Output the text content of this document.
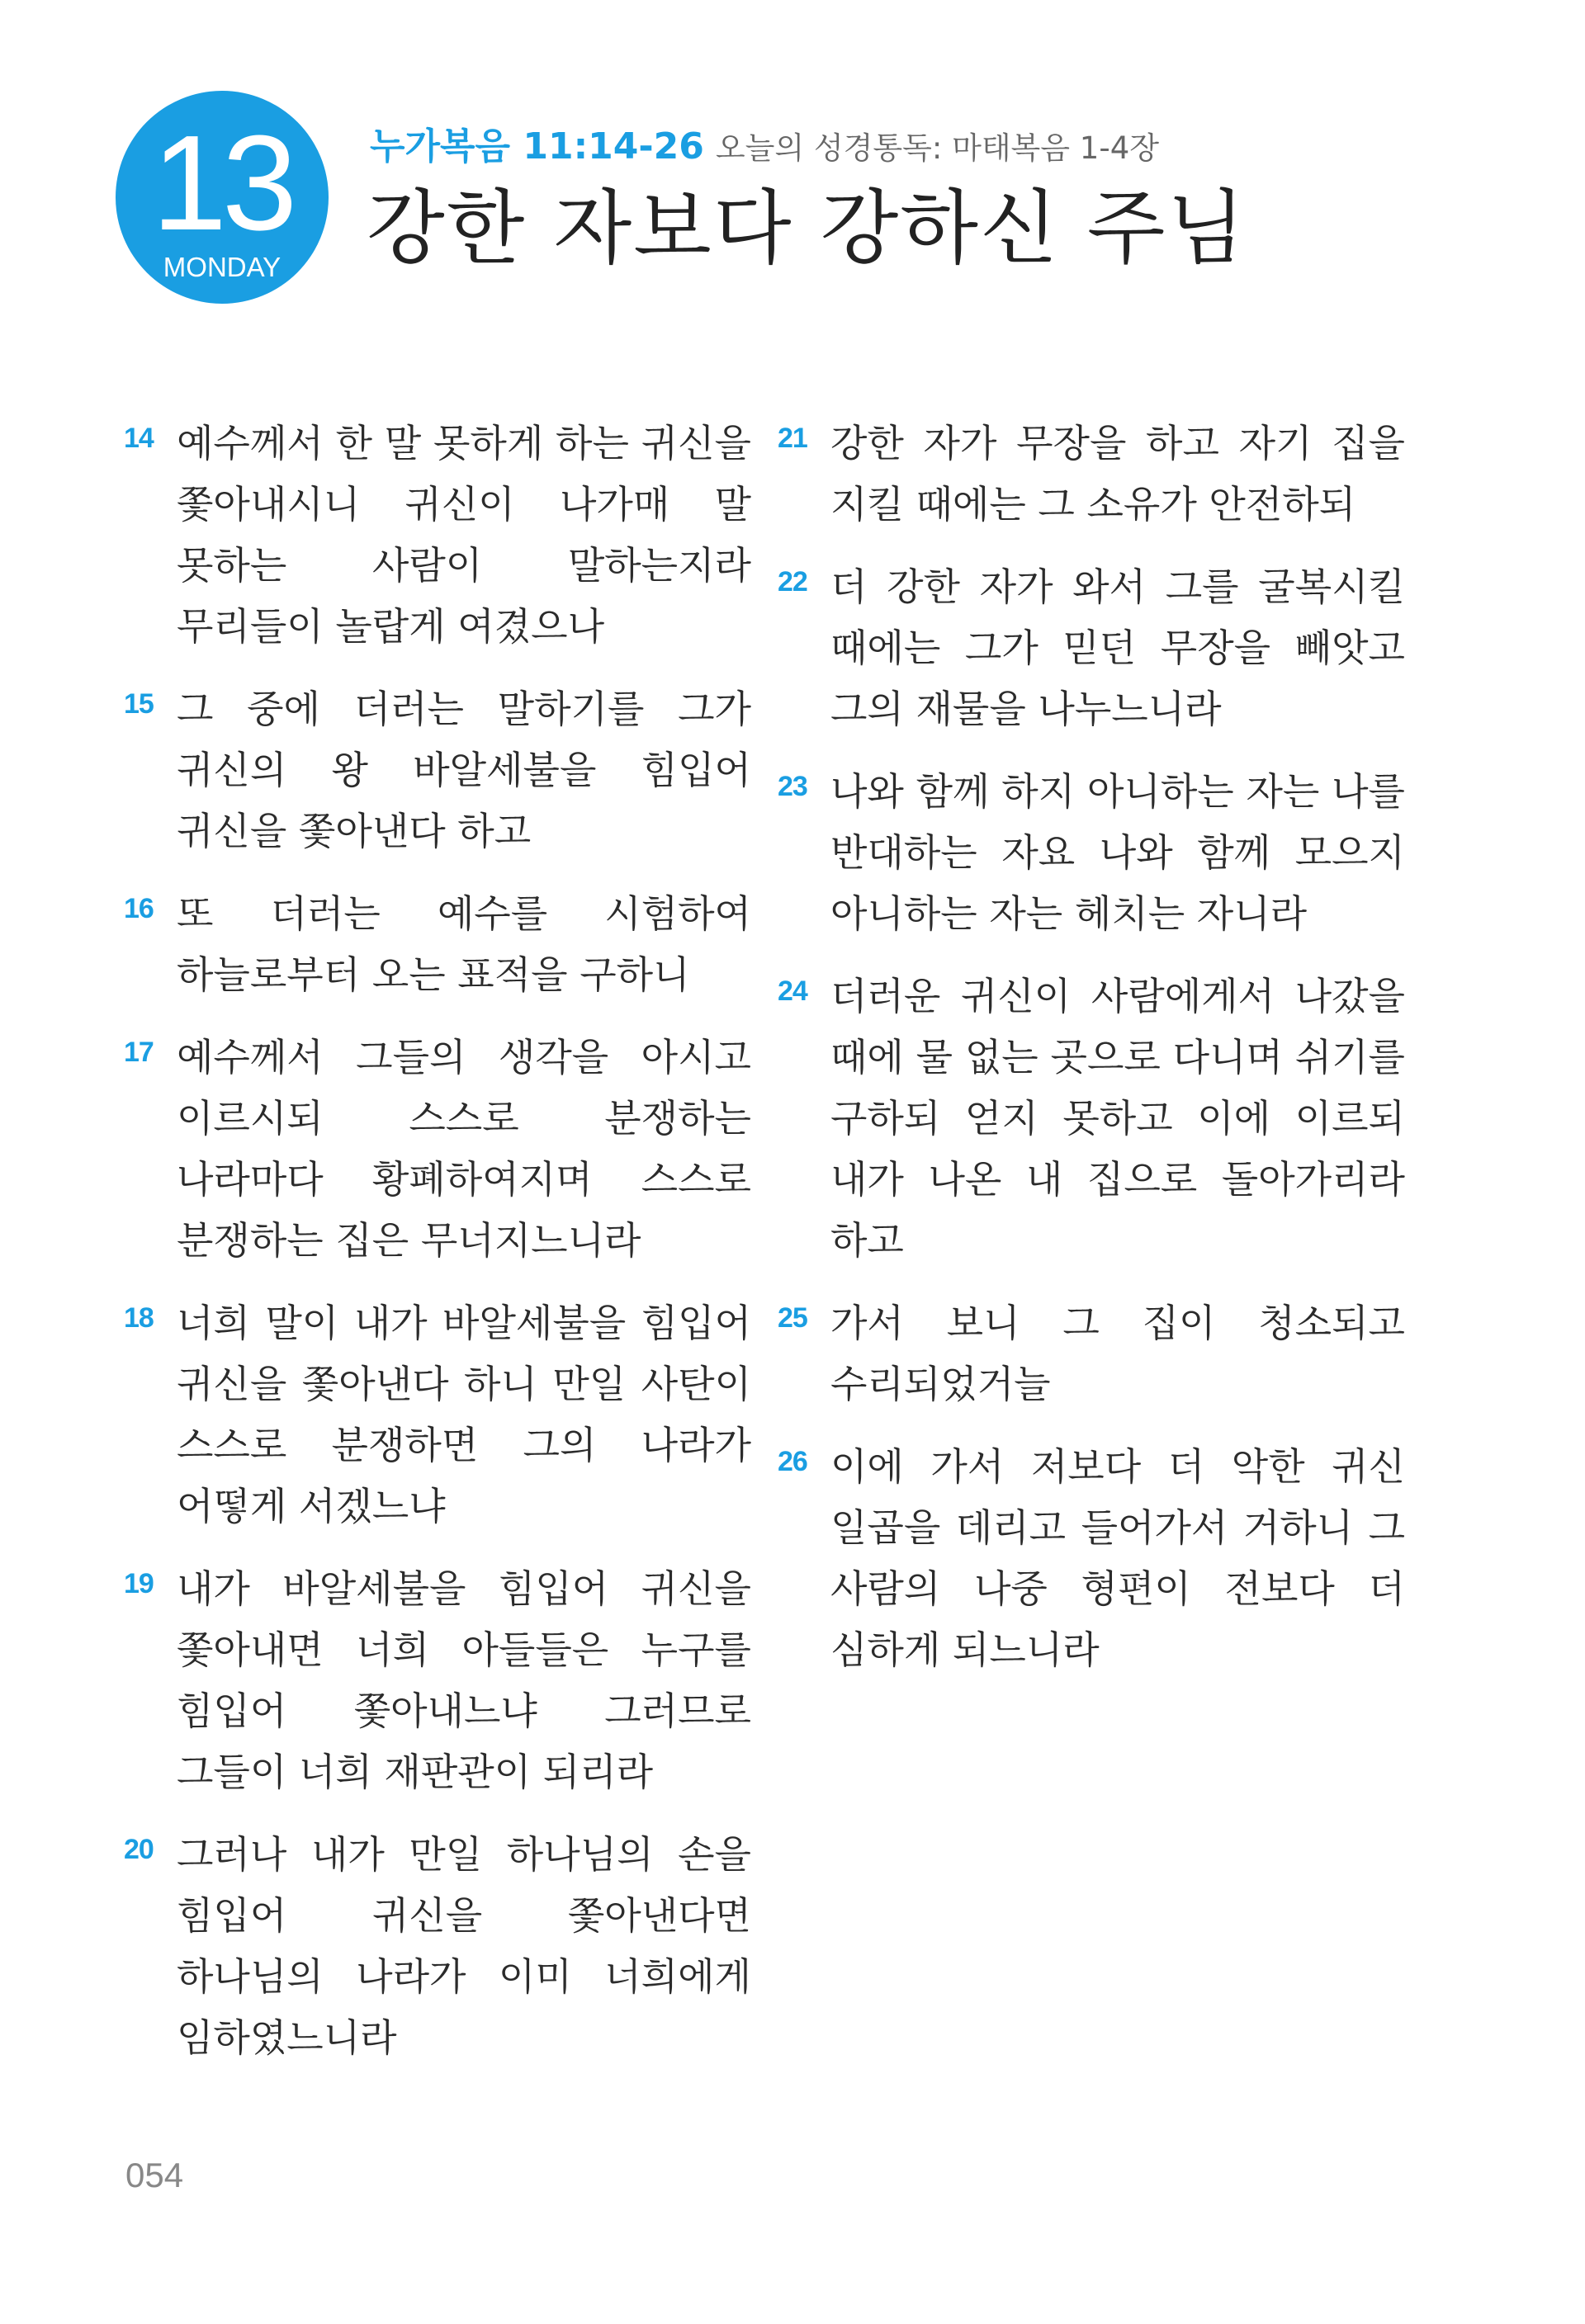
13
MONDAY
누가복음 11:14-26 오늘의 성경통독: 마태복음 1-4장
강한 자보다 강하신 주님
14 예수께서 한 말 못하게 하는 귀신을 쫓아내시니 귀신이 나가매 말 못하는 사람이 말하는지라 무리들이 놀랍게 여겼으나
15 그 중에 더러는 말하기를 그가 귀신의 왕 바알세불을 힘입어 귀신을 쫓아낸다 하고
16 또 더러는 예수를 시험하여 하늘로부터 오는 표적을 구하니
17 예수께서 그들의 생각을 아시고 이르시되 스스로 분쟁하는 나라마다 황폐하여지며 스스로 분쟁하는 집은 무너지느니라
18 너희 말이 내가 바알세불을 힘입어 귀신을 쫓아낸다 하니 만일 사탄이 스스로 분쟁하면 그의 나라가 어떻게 서겠느냐
19 내가 바알세불을 힘입어 귀신을 쫓아내면 너희 아들들은 누구를 힘입어 쫓아내느냐 그러므로 그들이 너희 재판관이 되리라
20 그러나 내가 만일 하나님의 손을 힘입어 귀신을 쫓아낸다면 하나님의 나라가 이미 너희에게 임하였느니라
21 강한 자가 무장을 하고 자기 집을 지킬 때에는 그 소유가 안전하되
22 더 강한 자가 와서 그를 굴복시킬 때에는 그가 믿던 무장을 빼앗고 그의 재물을 나누느니라
23 나와 함께 하지 아니하는 자는 나를 반대하는 자요 나와 함께 모으지 아니하는 자는 헤치는 자니라
24 더러운 귀신이 사람에게서 나갔을 때에 물 없는 곳으로 다니며 쉬기를 구하되 얻지 못하고 이에 이르되 내가 나온 내 집으로 돌아가리라 하고
25 가서 보니 그 집이 청소되고 수리되었거늘
26 이에 가서 저보다 더 악한 귀신 일곱을 데리고 들어가서 거하니 그 사람의 나중 형편이 전보다 더 심하게 되느니라
054
